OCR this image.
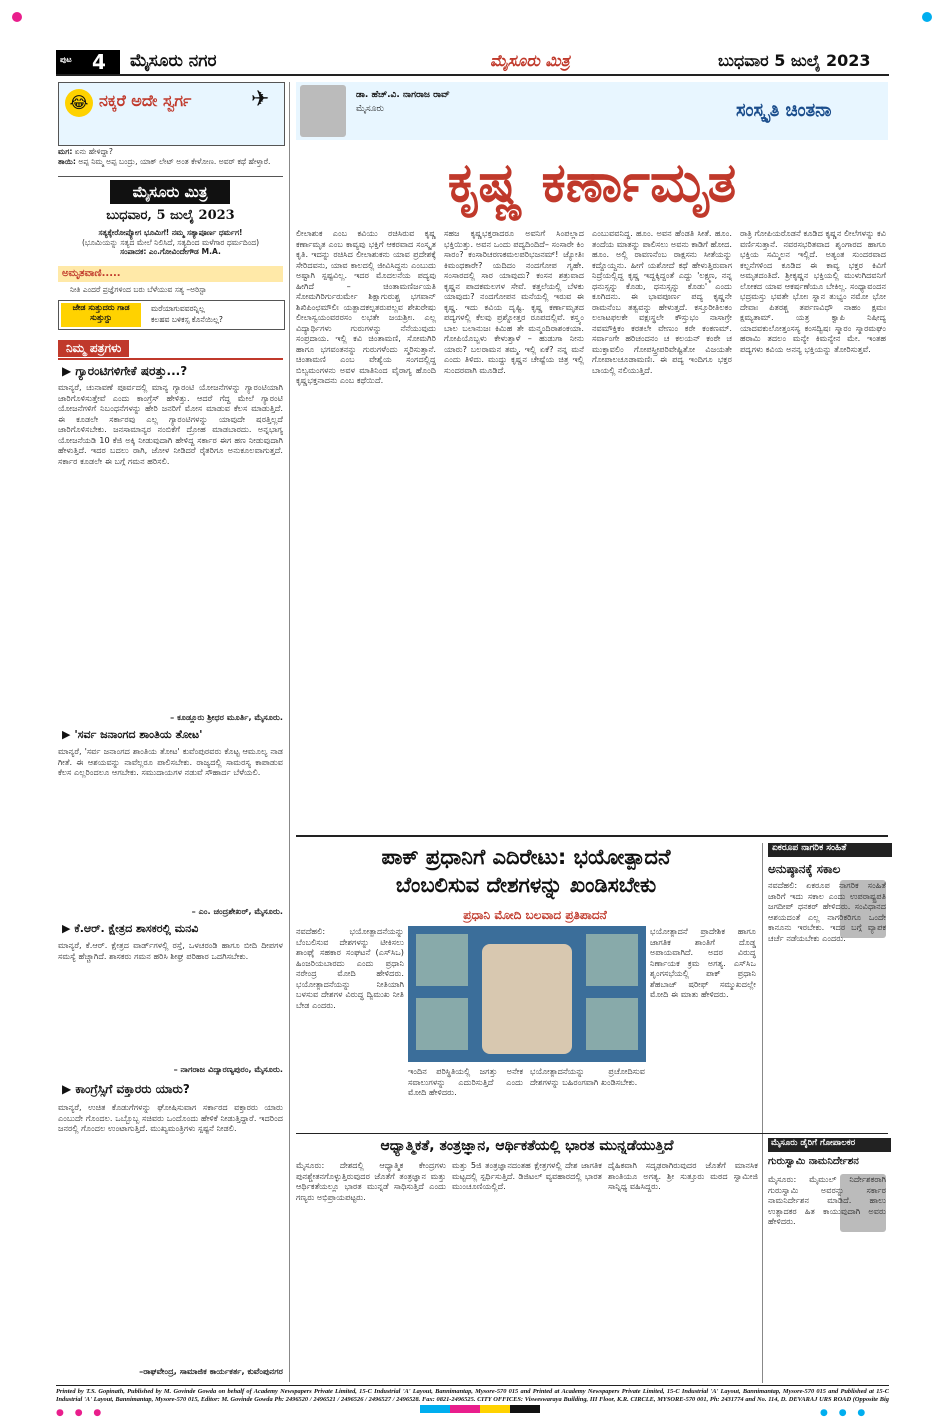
● ● ●	● ● ●
ಪುಟ 4 ಮೈಸೂರು ನಗರ	ಮೈಸೂರು ಮಿತ್ರ	ಬುಧವಾರ 5 ಜುಲೈ 2023
😂 ನಕ್ಕರೆ ಅದೇ ಸ್ವರ್ಗ	✈
ಮಗ: ಏನು ಹೇಳಿದ್ದಾ?
ತಾಯಿ: ಅಪ್ಪ ನಿಮ್ಮ ಅಪ್ಪ ಬಂದ್ರು, ಯಾಕ್ ಲೇಟ್ ಅಂತ ಕೇಳೋಣ. ಅವರ್ ಕಥೆ ಹೇಳ್ತಾರೆ.
ಮೈಸೂರು ಮಿತ್ರ
ಬುಧವಾರ, 5 ಜುಲೈ 2023
ಸತ್ಯಕ್ಕೇರೋಪ್ಯೋಗ ಭೂಮಿಗೆ! ನಮ್ಮ ಸತ್ಯಾಪೂರ್ಣ ಧರ್ಮಗ!
(ಭೂಮಿಯನ್ನು ಸತ್ಯದ ಮೇಲೆ ನಿಲಿಸಿದೆ, ಸತ್ಯದಿಂದ ಮಳೆಗಾರ ಧರ್ಮದಿಂದ)
ಸಂಪಾದಕ: ಎಂ.ಗೋವಿಂದೇಗೌಡ M.A.
ಅಮೃತವಾಣಿ.....
ನೀತಿ ಎಂದರೆ ಪ್ರಜ್ಞೆಗಳಿಂದ ಬರು ಬೆಳೆಯುವ ಸತ್ಯ –ಅರಿಸ್ಟಾ
ಜೇಡ ಸುತ್ತುದರು ಗಾಡ ಸುತ್ತುಗ್ದು
ಮರೆಯಾಗುವವರನ್ನಿಲ್ಲ
ಕಲಹವ ಬಳಿಕಸ್ಸ ಕೊನೆಯಿಲ್ಲ?
ನಿಮ್ಮ ಪತ್ರಗಳು
▶ ಗ್ಯಾರಂಟಿಗಳಿಗೇಕೆ ಷರತ್ತು...?
ಮಾನ್ಯರೆ, ಚುನಾವಣೆ ಪೂರ್ವದಲ್ಲಿ ಮಾನ್ಯ ಗ್ಯಾರಂಟಿ ಯೋಜನೆಗಳನ್ನು ಗ್ಯಾರಂಟಿಯಾಗಿ ಜಾರಿಗೊಳಿಸುತ್ತೇವೆ ಎಂದು ಕಾಂಗ್ರೆಸ್ ಹೇಳಿತ್ತು. ಆದರೆ ಗೆದ್ದ ಮೇಲೆ ಗ್ಯಾರಂಟಿ ಯೋಜನೆಗಳಿಗೆ ನಿಬಂಧನೆಗಳನ್ನು ಹೇರಿ ಜನರಿಗೆ ಮೋಸ ಮಾಡುವ ಕೆಲಸ ಮಾಡುತ್ತಿದೆ. ಈ ಕೂಡಲೇ ಸರ್ಕಾರವು ಎಲ್ಲ ಗ್ಯಾರಂಟಿಗಳನ್ನು ಯಾವುದೇ ಷರತ್ತಿಲ್ಲದೆ ಜಾರಿಗೊಳಿಸಬೇಕು. ಜನಸಾಮಾನ್ಯರ ನಂಬಿಕೆಗೆ ದ್ರೋಹ ಮಾಡಬಾರದು. ಅನ್ನಭಾಗ್ಯ ಯೋಜನೆಯಡಿ 10 ಕೆಜಿ ಅಕ್ಕಿ ನೀಡುವುದಾಗಿ ಹೇಳಿದ್ದ ಸರ್ಕಾರ ಈಗ ಹಣ ನೀಡುವುದಾಗಿ ಹೇಳುತ್ತಿದೆ. ಇದರ ಬದಲು ರಾಗಿ, ಜೋಳ ನೀಡಿದರೆ ರೈತರಿಗೂ ಅನುಕೂಲವಾಗುತ್ತದೆ. ಸರ್ಕಾರ ಕೂಡಲೇ ಈ ಬಗ್ಗೆ ಗಮನ ಹರಿಸಲಿ.
– ಕೂಡ್ಲೂರು ಶ್ರೀಧರ ಮೂರ್ತಿ, ಮೈಸೂರು.
▶ 'ಸರ್ವ ಜನಾಂಗದ ಶಾಂತಿಯ ತೋಟ'
ಮಾನ್ಯರೆ, 'ಸರ್ವ ಜನಾಂಗದ ಶಾಂತಿಯ ತೋಟ' ಕುವೆಂಪುರವರು ಕೊಟ್ಟ ಆಮೂಲ್ಯ ನಾಡ ಗೀತೆ. ಈ ಆಶಯವನ್ನು ನಾವೆಲ್ಲರೂ ಪಾಲಿಸಬೇಕು. ರಾಜ್ಯದಲ್ಲಿ ಸಾಮರಸ್ಯ ಕಾಪಾಡುವ ಕೆಲಸ ಎಲ್ಲರಿಂದಲೂ ಆಗಬೇಕು. ಸಮುದಾಯಗಳ ನಡುವೆ ಸೌಹಾರ್ದ ಬೆಳೆಯಲಿ.
– ಎಂ. ಚಂದ್ರಶೇಖರ್, ಮೈಸೂರು.
▶ ಕೆ.ಆರ್. ಕ್ಷೇತ್ರದ ಶಾಸಕರಲ್ಲಿ ಮನವಿ
ಮಾನ್ಯರೆ, ಕೆ.ಆರ್. ಕ್ಷೇತ್ರದ ವಾರ್ಡ್‌ಗಳಲ್ಲಿ ರಸ್ತೆ, ಒಳಚರಂಡಿ ಹಾಗೂ ಬೀದಿ ದೀಪಗಳ ಸಮಸ್ಯೆ ಹೆಚ್ಚಾಗಿದೆ. ಶಾಸಕರು ಗಮನ ಹರಿಸಿ ಶೀಘ್ರ ಪರಿಹಾರ ಒದಗಿಸಬೇಕು.
– ನಾಗರಾಜ ವಿದ್ಯಾರಣ್ಯಪುರಂ, ಮೈಸೂರು.
▶ ಕಾಂಗ್ರೆಸ್ಸಿಗೆ ವಕ್ತಾರರು ಯಾರು?
ಮಾನ್ಯರೆ, ಉಚಿತ ಕೊಡುಗೆಗಳನ್ನು ಘೋಷಿಸುವಾಗ ಸರ್ಕಾರದ ವಕ್ತಾರರು ಯಾರು ಎಂಬುದೇ ಗೊಂದಲ. ಒಬ್ಬೊಬ್ಬ ಸಚಿವರು ಒಂದೊಂದು ಹೇಳಿಕೆ ನೀಡುತ್ತಿದ್ದಾರೆ. ಇದರಿಂದ ಜನರಲ್ಲಿ ಗೊಂದಲ ಉಂಟಾಗುತ್ತಿದೆ. ಮುಖ್ಯಮಂತ್ರಿಗಳು ಸ್ಪಷ್ಟನೆ ನೀಡಲಿ.
–ರಾಘವೇಂದ್ರ, ಸಾಮಾಜಿಕ ಕಾರ್ಯಕರ್ತ, ಕುವೆಂಪುನಗರ
ಡಾ. ಹೆಚ್.ವಿ. ನಾಗರಾಜ ರಾವ್
ಮೈಸೂರು	ಸಂಸ್ಕೃತಿ ಚಿಂತನಾ
ಕೃಷ್ಣ ಕರ್ಣಾಮೃತ
ಲೀಲಾಶುಕ ಎಂಬ ಕವಿಯು ರಚಿಸಿರುವ ಕೃಷ್ಣ ಕರ್ಣಾಮೃತ ಎಂಬ ಕಾವ್ಯವು ಭಕ್ತಿಗೆ ಆಕರವಾದ ಸಂಸ್ಕೃತ ಕೃತಿ. ಇದನ್ನು ರಚಿಸಿದ ಲೀಲಾಶುಕನು ಯಾವ ಪ್ರದೇಶಕ್ಕೆ ಸೇರಿದವನು, ಯಾವ ಕಾಲದಲ್ಲಿ ಜೀವಿಸಿದ್ದನು ಎಂಬುದು ಅಷ್ಟಾಗಿ ಸ್ಪಷ್ಟವಿಲ್ಲ. ಇದರ ಮೊದಲನೆಯ ಪದ್ಯವು ಹೀಗಿದೆ – ಚಿಂತಾಮಣಿರ್ಜಯತಿ ಸೋಮಗಿರಿರ್ಗುರುರ್ಮೇ ಶಿಕ್ಷಾಗುರುಶ್ಚ ಭಗವಾನ್ ಶಿಖಿಪಿಂಛಮೌಲಿಃ ಯತ್ಪಾದಕಲ್ಪತರುಪಲ್ಲವ ಶೇಖರೇಷು ಲೀಲಾಸ್ವಯಂವರರಸಂ ಲಭತೇ ಜಯಶ್ರೀಃ. ಎಲ್ಲ ವಿದ್ಯಾರ್ಥಿಗಳು ಗುರುಗಳನ್ನು ನೆನೆಯುವುದು ಸಂಪ್ರದಾಯ. ಇಲ್ಲಿ ಕವಿ ಚಿಂತಾಮಣಿ, ಸೋಮಗಿರಿ ಹಾಗೂ ಭಗವಂತನನ್ನು ಗುರುಗಳೆಂದು ಸ್ಮರಿಸುತ್ತಾನೆ. ಚಿಂತಾಮಣಿ ಎಂಬ ವೇಶ್ಯೆಯ ಸಂಗದಲ್ಲಿದ್ದ ಬಿಲ್ವಮಂಗಳನು ಅವಳ ಮಾತಿನಿಂದ ವೈರಾಗ್ಯ ಹೊಂದಿ ಕೃಷ್ಣಭಕ್ತನಾದನು ಎಂಬ ಕಥೆಯಿದೆ.
ಸಹಜ ಕೃಷ್ಣಭಕ್ತರಾದರೂ ಅವನಿಗೆ ಸಿಂಪಲ್ಲಾದ ಭಕ್ತಿಯಿತ್ತು. ಅವನ ಒಂದು ಪದ್ಯದಿಂದಿದೆ– ಸಂಸಾರೇ ಕಿಂ ಸಾರಂ? ಕಂಸಾರಿಚರಣಕಮಲಪರಿಭಜನಮ್! ಜ್ಯೋತಿಃ ಕಿಮಂಧಕಾರೇ? ಯದಿದಂ ನಂದಗೋಪ ಗೃಹೇ. ಸಂಸಾರದಲ್ಲಿ ಸಾರ ಯಾವುದು? ಕಂಸನ ಶತ್ರುವಾದ ಕೃಷ್ಣನ ಪಾದಕಮಲಗಳ ಸೇವೆ. ಕತ್ತಲೆಯಲ್ಲಿ ಬೆಳಕು ಯಾವುದು? ನಂದಗೋಪನ ಮನೆಯಲ್ಲಿ ಇರುವ ಈ ಕೃಷ್ಣ. ಇದು ಕವಿಯ ದೃಷ್ಟಿ. ಕೃಷ್ಣ ಕರ್ಣಾಮೃತದ ಪದ್ಯಗಳಲ್ಲಿ ಕೆಲವು ಪ್ರಶ್ನೋತ್ತರ ರೂಪದಲ್ಲಿವೆ. ಕಸ್ತ್ವಂ ಬಾಲ ಬಲಾನುಜಃ ಕಿಮಿಹ ತೇ ಮನ್ಮಂದಿರಾಶಂಕಯಾ. ಗೋಪಿಯೊಬ್ಬಳು ಕೇಳುತ್ತಾಳೆ – ಹುಡುಗಾ ನೀನು ಯಾರು? ಬಲರಾಮನ ತಮ್ಮ. ಇಲ್ಲಿ ಏಕೆ? ನನ್ನ ಮನೆ ಎಂದು ತಿಳಿದು. ಮುದ್ದು ಕೃಷ್ಣನ ಚೇಷ್ಟೆಯ ಚಿತ್ರ ಇಲ್ಲಿ ಸುಂದರವಾಗಿ ಮೂಡಿದೆ.
ಎಂಬುವವನಿದ್ದ. ಹೂಂ. ಅವನ ಹೆಂಡತಿ ಸೀತೆ. ಹೂಂ. ತಂದೆಯ ಮಾತನ್ನು ಪಾಲಿಸಲು ಅವನು ಕಾಡಿಗೆ ಹೋದ. ಹೂಂ. ಅಲ್ಲಿ ರಾವಣನೆಂಬ ರಾಕ್ಷಸನು ಸೀತೆಯನ್ನು ಕದ್ದೊಯ್ದನು. ಹೀಗೆ ಯಶೋದೆ ಕಥೆ ಹೇಳುತ್ತಿರುವಾಗ ನಿದ್ರೆಯಲ್ಲಿದ್ದ ಕೃಷ್ಣ ಇದ್ದಕ್ಕಿದ್ದಂತೆ ಎದ್ದು 'ಲಕ್ಷ್ಮಣ, ನನ್ನ ಧನುಸ್ಸನ್ನು ಕೊಡು, ಧನುಸ್ಸನ್ನು ಕೊಡು' ಎಂದು ಕೂಗಿದನು. ಈ ಭಾವಪೂರ್ಣ ಪದ್ಯ ಕೃಷ್ಣನೇ ರಾಮನೆಂಬ ತತ್ವವನ್ನು ಹೇಳುತ್ತದೆ. ಕಸ್ತೂರೀತಿಲಕಂ ಲಲಾಟಫಲಕೇ ವಕ್ಷಃಸ್ಥಲೇ ಕೌಸ್ತುಭಂ ನಾಸಾಗ್ರೇ ನವಮೌಕ್ತಿಕಂ ಕರತಲೇ ವೇಣುಂ ಕರೇ ಕಂಕಣಮ್. ಸರ್ವಾಂಗೇ ಹರಿಚಂದನಂ ಚ ಕಲಯನ್ ಕಂಠೇ ಚ ಮುಕ್ತಾವಲಿಂ ಗೋಪಸ್ತ್ರೀಪರಿವೇಷ್ಟಿತೋ ವಿಜಯತೇ ಗೋಪಾಲಚೂಡಾಮಣಿಃ. ಈ ಪದ್ಯ ಇಂದಿಗೂ ಭಕ್ತರ ಬಾಯಲ್ಲಿ ನಲಿಯುತ್ತಿದೆ.
ರಾತ್ರಿ ಗೋಪಿಯರೊಡನೆ ಕೂಡಿದ ಕೃಷ್ಣನ ಲೀಲೆಗಳನ್ನು ಕವಿ ವರ್ಣಿಸುತ್ತಾನೆ. ನವರಸಭರಿತವಾದ ಶೃಂಗಾರದ ಹಾಗೂ ಭಕ್ತಿಯ ಸಮ್ಮಿಲನ ಇಲ್ಲಿದೆ. ಅತ್ಯಂತ ಸುಂದರವಾದ ಕಲ್ಪನೆಗಳಿಂದ ಕೂಡಿದ ಈ ಕಾವ್ಯ ಭಕ್ತರ ಕಿವಿಗೆ ಅಮೃತದಂತಿದೆ. ಶ್ರೀಕೃಷ್ಣನ ಭಕ್ತಿಯಲ್ಲಿ ಮುಳುಗಿದವನಿಗೆ ಲೋಕದ ಯಾವ ಆಕರ್ಷಣೆಯೂ ಬೇಕಿಲ್ಲ. ಸಂಧ್ಯಾವಂದನ ಭದ್ರಮಸ್ತು ಭವತೇ ಭೋಃ ಸ್ನಾನ ತುಭ್ಯಂ ನಮೋ ಭೋ ದೇವಾಃ ಪಿತರಶ್ಚ ತರ್ಪಣವಿಧೌ ನಾಹಂ ಕ್ಷಮಃ ಕ್ಷಮ್ಯತಾಮ್. ಯತ್ರ ಕ್ವಾಪಿ ನಿಷೀದ್ಯ ಯಾದವಕುಲೋತ್ತಂಸಸ್ಯ ಕಂಸದ್ವಿಷಃ ಸ್ಮಾರಂ ಸ್ಮಾರಮಘಂ ಹರಾಮಿ ತದಲಂ ಮನ್ಯೇ ಕಿಮನ್ಯೇನ ಮೇ. ಇಂತಹ ಪದ್ಯಗಳು ಕವಿಯ ಅನನ್ಯ ಭಕ್ತಿಯನ್ನು ತೋರಿಸುತ್ತವೆ.
ಪಾಕ್ ಪ್ರಧಾನಿಗೆ ಎದಿರೇಟು: ಭಯೋತ್ಪಾದನೆ
ಬೆಂಬಲಿಸುವ ದೇಶಗಳನ್ನು ಖಂಡಿಸಬೇಕು
ಪ್ರಧಾನಿ ಮೋದಿ ಬಲವಾದ ಪ್ರತಿಪಾದನೆ
ನವದೆಹಲಿ: ಭಯೋತ್ಪಾದನೆಯನ್ನು ಬೆಂಬಲಿಸುವ ದೇಶಗಳನ್ನು ಟೀಕಿಸಲು ಶಾಂಘೈ ಸಹಕಾರ ಸಂಘಟನೆ (ಎಸ್‌ಸಿಒ) ಹಿಂಜರಿಯಬಾರದು ಎಂದು ಪ್ರಧಾನಿ ನರೇಂದ್ರ ಮೋದಿ ಹೇಳಿದರು. ಭಯೋತ್ಪಾದನೆಯನ್ನು ನೀತಿಯಾಗಿ ಬಳಸುವ ದೇಶಗಳ ವಿರುದ್ಧ ದ್ವಿಮುಖ ನೀತಿ ಬೇಡ ಎಂದರು.
ಇಂದಿನ ಪರಿಸ್ಥಿತಿಯಲ್ಲಿ ಜಗತ್ತು ಅನೇಕ ಸವಾಲುಗಳನ್ನು ಎದುರಿಸುತ್ತಿದೆ ಎಂದು ಮೋದಿ ಹೇಳಿದರು.
ಭಯೋತ್ಪಾದನೆಯನ್ನು ಪ್ರಚೋದಿಸುವ ದೇಶಗಳನ್ನು ಬಹಿರಂಗವಾಗಿ ಖಂಡಿಸಬೇಕು.
ಭಯೋತ್ಪಾದನೆ ಪ್ರಾದೇಶಿಕ ಹಾಗೂ ಜಾಗತಿಕ ಶಾಂತಿಗೆ ದೊಡ್ಡ ಅಪಾಯವಾಗಿದೆ. ಅದರ ವಿರುದ್ಧ ನಿರ್ಣಾಯಕ ಕ್ರಮ ಅಗತ್ಯ. ಎಸ್‌ಸಿಒ ಶೃಂಗಸಭೆಯಲ್ಲಿ ಪಾಕ್ ಪ್ರಧಾನಿ ಶೆಹಬಾಜ್ ಷರೀಫ್ ಸಮ್ಮುಖದಲ್ಲೇ ಮೋದಿ ಈ ಮಾತು ಹೇಳಿದರು.
ಏಕರೂಪ ನಾಗರಿಕ ಸಂಹಿತೆ
ಅನುಷ್ಠಾನಕ್ಕೆ ಸಕಾಲ
ನವದೆಹಲಿ: ಏಕರೂಪ ನಾಗರಿಕ ಸಂಹಿತೆ ಜಾರಿಗೆ ಇದು ಸಕಾಲ ಎಂದು ಉಪರಾಷ್ಟ್ರಪತಿ ಜಗದೀಪ್ ಧನಕರ್ ಹೇಳಿದರು. ಸಂವಿಧಾನದ ಆಶಯದಂತೆ ಎಲ್ಲ ನಾಗರಿಕರಿಗೂ ಒಂದೇ ಕಾನೂನು ಇರಬೇಕು. ಇದರ ಬಗ್ಗೆ ವ್ಯಾಪಕ ಚರ್ಚೆ ನಡೆಯಬೇಕು ಎಂದರು.
ಆಧ್ಯಾತ್ಮಿಕತೆ, ತಂತ್ರಜ್ಞಾನ, ಆರ್ಥಿಕತೆಯಲ್ಲಿ ಭಾರತ ಮುನ್ನಡೆಯುತ್ತಿದೆ
ಮೈಸೂರು: ದೇಶದಲ್ಲಿ ಆಧ್ಯಾತ್ಮಿಕ ಕೇಂದ್ರಗಳು ಪುನಶ್ಚೇತನಗೊಳ್ಳುತ್ತಿರುವುದರ ಜೊತೆಗೆ ತಂತ್ರಜ್ಞಾನ ಮತ್ತು ಆರ್ಥಿಕತೆಯಲ್ಲೂ ಭಾರತ ಮುನ್ನಡೆ ಸಾಧಿಸುತ್ತಿದೆ ಎಂದು ಗಣ್ಯರು ಅಭಿಪ್ರಾಯಪಟ್ಟರು.
ಮತ್ತು 5ಜಿ ತಂತ್ರಜ್ಞಾನದಂತಹ ಕ್ಷೇತ್ರಗಳಲ್ಲಿ ದೇಶ ಜಾಗತಿಕ ಮಟ್ಟದಲ್ಲಿ ಸ್ಪರ್ಧಿಸುತ್ತಿದೆ. ಡಿಜಿಟಲ್ ವ್ಯವಹಾರದಲ್ಲಿ ಭಾರತ ಮುಂಚೂಣಿಯಲ್ಲಿದೆ.
ದೈಹಿಕವಾಗಿ ಸದೃಢರಾಗಿರುವುದರ ಜೊತೆಗೆ ಮಾನಸಿಕ ಶಾಂತಿಯೂ ಅಗತ್ಯ. ಶ್ರೀ ಸುತ್ತೂರು ಮಠದ ಸ್ವಾಮೀಜಿ ಸಾನ್ನಿಧ್ಯ ವಹಿಸಿದ್ದರು.
ಮೈಸೂರು ಡೈರಿಗೆ ಗೋಪಾಲಕರ
ಗುರುಸ್ವಾಮಿ ನಾಮನಿರ್ದೇಶನ
ಮೈಸೂರು: ಮೈಮುಲ್ ನಿರ್ದೇಶಕರಾಗಿ ಗುರುಸ್ವಾಮಿ ಅವರನ್ನು ಸರ್ಕಾರ ನಾಮನಿರ್ದೇಶನ ಮಾಡಿದೆ. ಹಾಲು ಉತ್ಪಾದಕರ ಹಿತ ಕಾಯುವುದಾಗಿ ಅವರು ಹೇಳಿದರು.
Printed by T.S. Gopinath, Published by M. Govinde Gowda on behalf of Academy Newspapers Private Limited, 15-C Industrial 'A' Layout, Bannimantap, Mysore-570 015 and Printed at Academy Newspapers Private Limited, 15-C Industrial 'A' Layout, Bannimantap, Mysore-570 015 and Published at 15-C Industrial 'A' Layout, Bannimantap, Mysore-570 015, Editor: M. Govinde Gowda Ph: 2496520 / 2496521 / 2496526 / 2496527 / 2496528. Fax: 0821-2496525. CITY OFFICES: Visweswaraya Building, III Floor, K.R. CIRCLE, MYSORE-570 001, Ph: 2431774 and No. 114, D. DEVARAJ URS ROAD (Opposite Big
